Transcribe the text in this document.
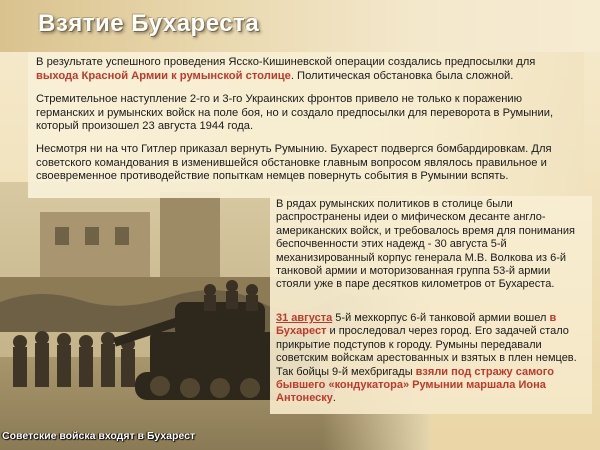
Взятие Бухареста

В результате успешного проведения Ясско-Кишиневской операции создались предпосылки для выхода Красной Армии к румынской столице. Политическая обстановка была сложной.

Стремительное наступление 2-го и 3-го Украинских фронтов привело не только к поражению германских и румынских войск на поле боя, но и создало предпосылки для переворота в Румынии, который произошел 23 августа 1944 года.

Несмотря ни на что Гитлер приказал вернуть Румынию. Бухарест подвергся бомбардировкам. Для советского командования в изменившейся обстановке главным вопросом являлось правильное и своевременное противодействие попыткам немцев повернуть события в Румынии вспять.

В рядах румынских политиков в столице были распространены идеи о мифическом десанте англо-американских войск, и требовалось время для понимания беспочвенности этих надежд - 30 августа 5-й механизированный корпус генерала М.В. Волкова из 6-й танковой армии и моторизованная группа 53-й армии стояли уже в паре десятков километров от Бухареста.

31 августа 5-й мехкорпус 6-й танковой армии вошел в Бухарест и проследовал через город. Его задачей стало прикрытие подступов к городу. Румыны передавали советским войскам арестованных и взятых в плен немцев. Так бойцы 9-й мехбригады взяли под стражу самого бывшего «кондукатора» Румынии маршала Иона Антонеску.

Советские войска входят в Бухарест
